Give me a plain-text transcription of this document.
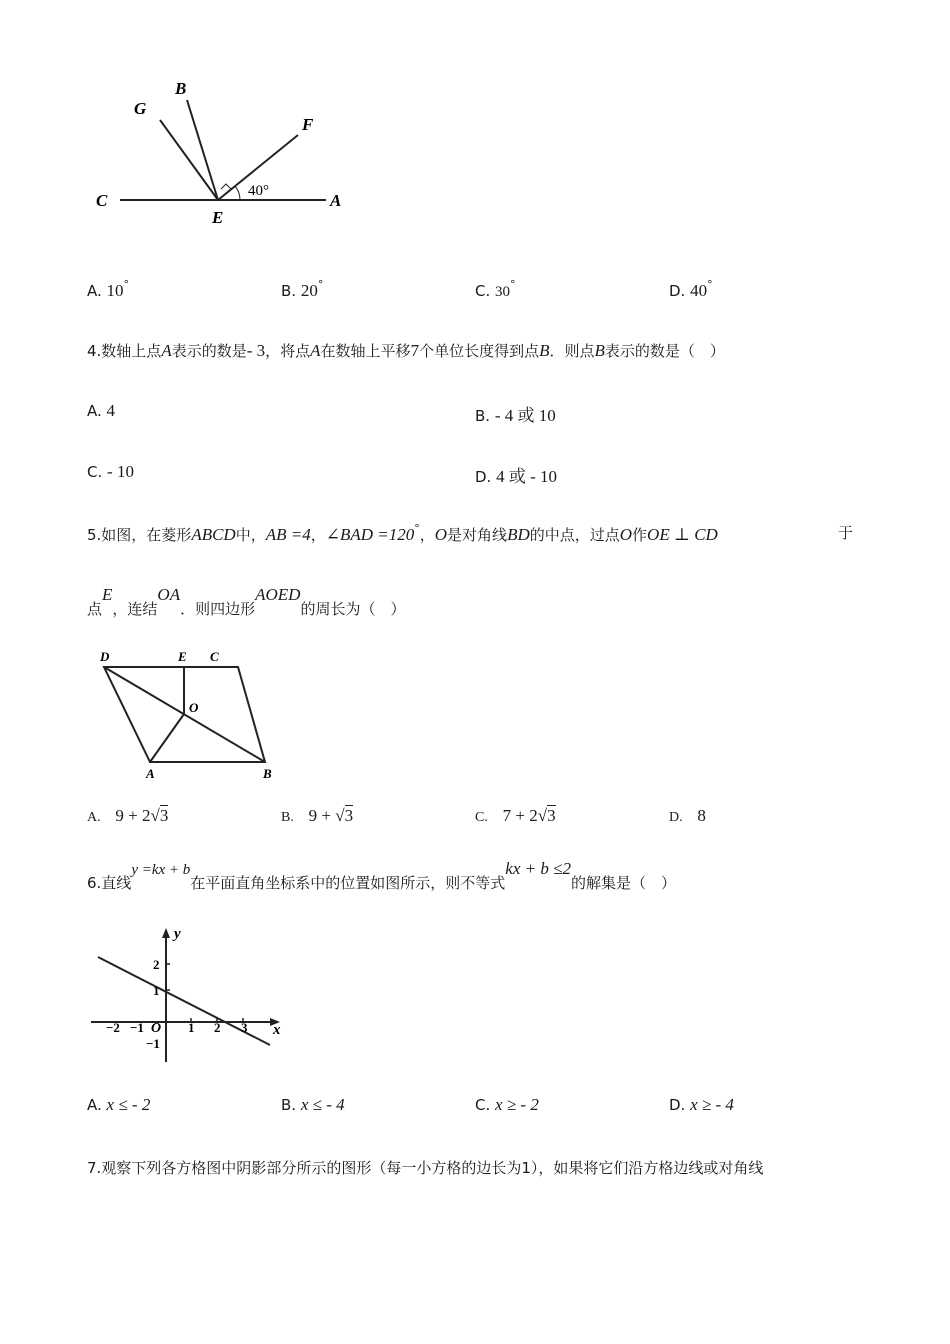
G
B
F
C
E
A
40°
A. 10°	B. 20°	C. 30°	D. 40°
4.数轴上点A表示的数是- 3，将点A在数轴上平移7个单位长度得到点B．则点B表示的数是（　）
A. 4	B. - 4 或 10
C. - 10	D. 4 或 - 10
5.如图，在菱形ABCD中，AB =4，∠BAD =120°，O是对角线BD的中点，过点O作OE ⊥ CD	于
点E，连结OA．则四边形AOED的周长为（　）
D	E C
O
A	B
A. 9 + 2√3	B. 9 + √3	C. 7 + 2√3	D. 8
6.直线y =kx + b在平面直角坐标系中的位置如图所示，则不等式kx + b ≤2的解集是（　）
y
x
O
−2 −1	1 2 3
2
1
−1
A. x ≤ - 2	B. x ≤ - 4	C. x ≥ - 2	D. x ≥ - 4
7.观察下列各方格图中阴影部分所示的图形（每一小方格的边长为1），如果将它们沿方格边线或对角线
